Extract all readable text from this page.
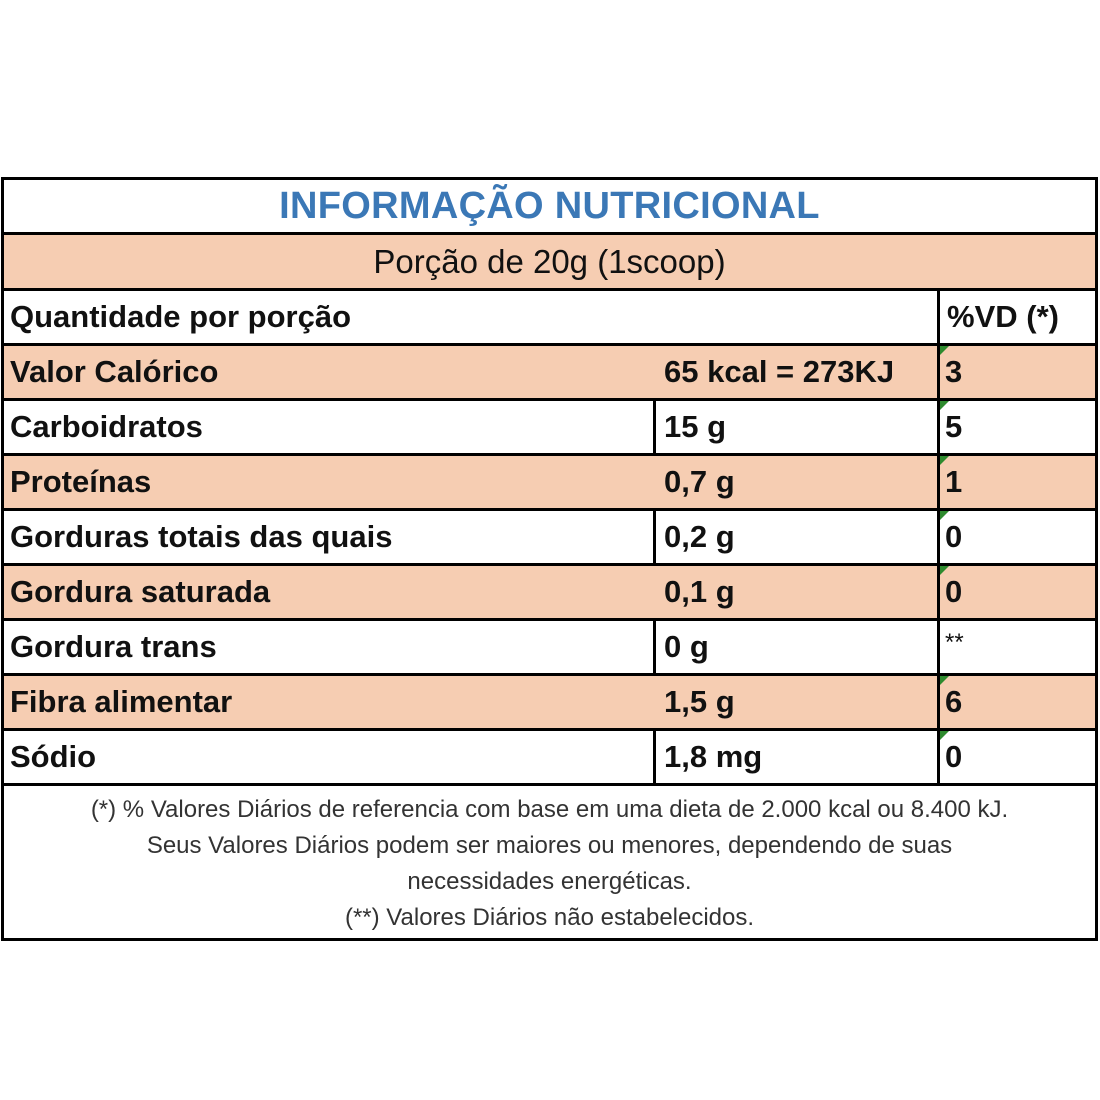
INFORMAÇÃO NUTRICIONAL
Porção de 20g (1scoop)
Quantidade por porção	%VD (*)
Valor Calórico	65 kcal = 273KJ	3
Carboidratos	15 g	5
Proteínas	0,7 g	1
Gorduras totais das quais	0,2 g	0
Gordura saturada	0,1 g	0
Gordura trans	0 g	**
Fibra alimentar	1,5 g	6
Sódio	1,8 mg	0

(*) % Valores Diários de referencia com base em uma dieta de 2.000 kcal ou 8.400 kJ.

Seus Valores Diários podem ser maiores ou menores, dependendo de suas

necessidades energéticas.

(**) Valores Diários não estabelecidos.
